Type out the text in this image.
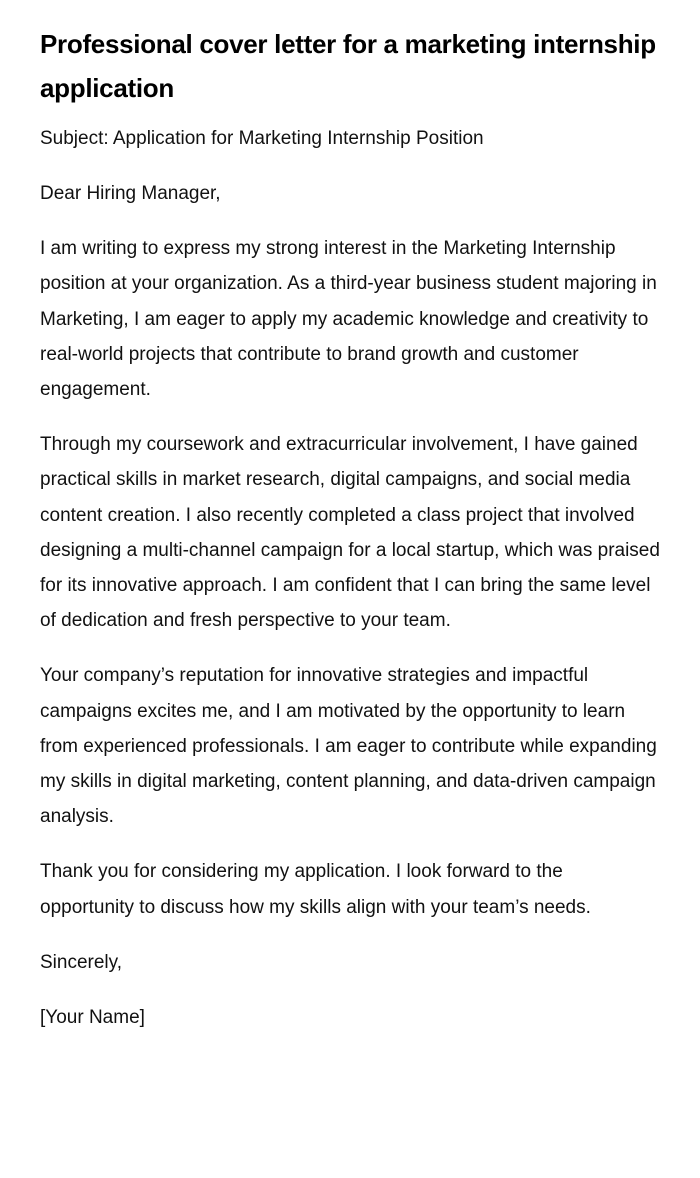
Professional cover letter for a marketing internship application

Subject: Application for Marketing Internship Position

Dear Hiring Manager,

I am writing to express my strong interest in the Marketing Internship position at your organization. As a third-year business student majoring in Marketing, I am eager to apply my academic knowledge and creativity to real-world projects that contribute to brand growth and customer engagement.

Through my coursework and extracurricular involvement, I have gained practical skills in market research, digital campaigns, and social media content creation. I also recently completed a class project that involved designing a multi-channel campaign for a local startup, which was praised for its innovative approach. I am confident that I can bring the same level of dedication and fresh perspective to your team.

Your company’s reputation for innovative strategies and impactful campaigns excites me, and I am motivated by the opportunity to learn from experienced professionals. I am eager to contribute while expanding my skills in digital marketing, content planning, and data-driven campaign analysis.

Thank you for considering my application. I look forward to the opportunity to discuss how my skills align with your team’s needs.

Sincerely,

[Your Name]
